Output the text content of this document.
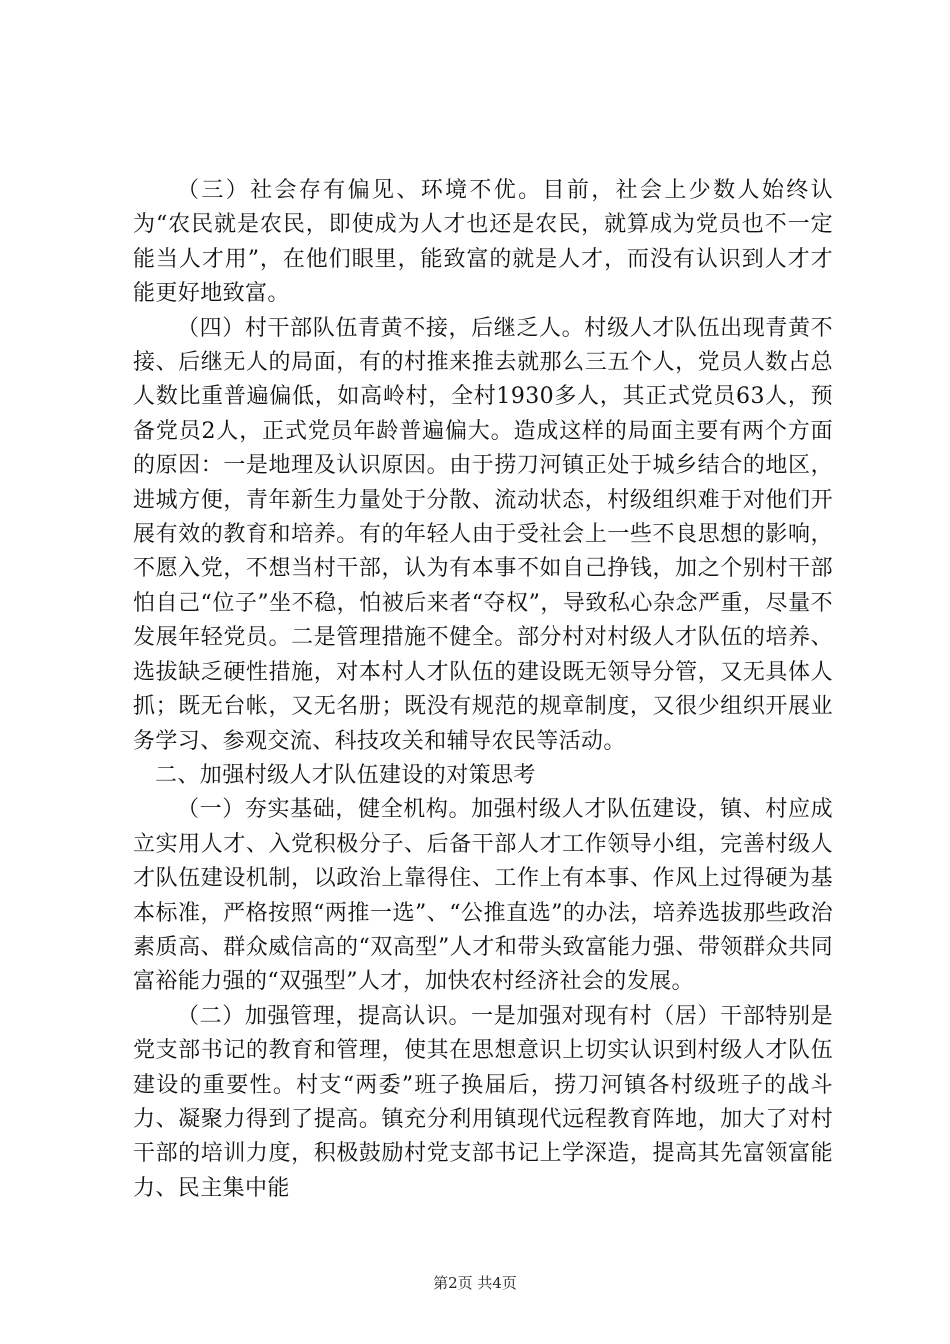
（三）社会存有偏见、环境不优。目前，社会上少数人始终认为“农民就是农民，即使成为人才也还是农民，就算成为党员也不一定能当人才用”，在他们眼里，能致富的就是人才，而没有认识到人才才能更好地致富。

（四）村干部队伍青黄不接，后继乏人。村级人才队伍出现青黄不接、后继无人的局面，有的村推来推去就那么三五个人，党员人数占总人数比重普遍偏低，如高岭村，全村1930多人，其正式党员63人，预备党员2人，正式党员年龄普遍偏大。造成这样的局面主要有两个方面的原因：一是地理及认识原因。由于捞刀河镇正处于城乡结合的地区，进城方便，青年新生力量处于分散、流动状态，村级组织难于对他们开展有效的教育和培养。有的年轻人由于受社会上一些不良思想的影响，不愿入党，不想当村干部，认为有本事不如自己挣钱，加之个别村干部怕自己“位子”坐不稳，怕被后来者“夺权”，导致私心杂念严重，尽量不发展年轻党员。二是管理措施不健全。部分村对村级人才队伍的培养、选拔缺乏硬性措施，对本村人才队伍的建设既无领导分管，又无具体人抓；既无台帐，又无名册；既没有规范的规章制度，又很少组织开展业务学习、参观交流、科技攻关和辅导农民等活动。

二、加强村级人才队伍建设的对策思考

（一）夯实基础，健全机构。加强村级人才队伍建设，镇、村应成立实用人才、入党积极分子、后备干部人才工作领导小组，完善村级人才队伍建设机制，以政治上靠得住、工作上有本事、作风上过得硬为基本标准，严格按照“两推一选”、“公推直选”的办法，培养选拔那些政治素质高、群众威信高的“双高型”人才和带头致富能力强、带领群众共同富裕能力强的“双强型”人才，加快农村经济社会的发展。

（二）加强管理，提高认识。一是加强对现有村（居）干部特别是党支部书记的教育和管理，使其在思想意识上切实认识到村级人才队伍建设的重要性。村支“两委”班子换届后，捞刀河镇各村级班子的战斗力、凝聚力得到了提高。镇充分利用镇现代远程教育阵地，加大了对村干部的培训力度，积极鼓励村党支部书记上学深造，提高其先富领富能力、民主集中能

第2页 共4页
